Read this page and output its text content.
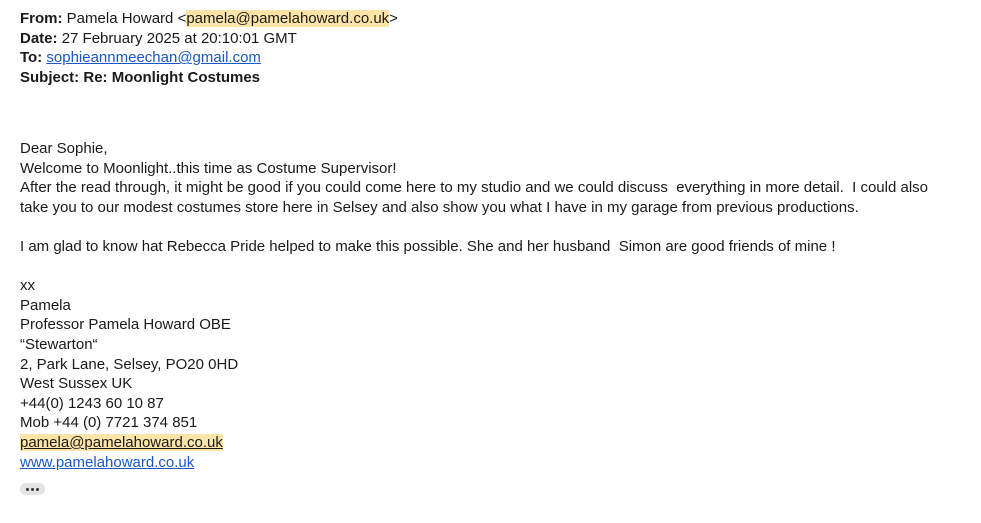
From: Pamela Howard <pamela@pamelahoward.co.uk>
Date: 27 February 2025 at 20:10:01 GMT
To: sophieannmeechan@gmail.com
Subject: Re: Moonlight Costumes
Dear Sophie,
Welcome to Moonlight..this time as Costume Supervisor!
After the read through, it might be good if you could come here to my studio and we could discuss  everything in more detail.  I could also take you to our modest costumes store here in Selsey and also show you what I have in my garage from previous productions.
I am glad to know hat Rebecca Pride helped to make this possible. She and her husband  Simon are good friends of mine !
xx
Pamela
Professor Pamela Howard OBE
“Stewarton“
2, Park Lane, Selsey, PO20 0HD
West Sussex UK
+44(0) 1243 60 10 87
Mob +44 (0) 7721 374 851
pamela@pamelahoward.co.uk
www.pamelahoward.co.uk
